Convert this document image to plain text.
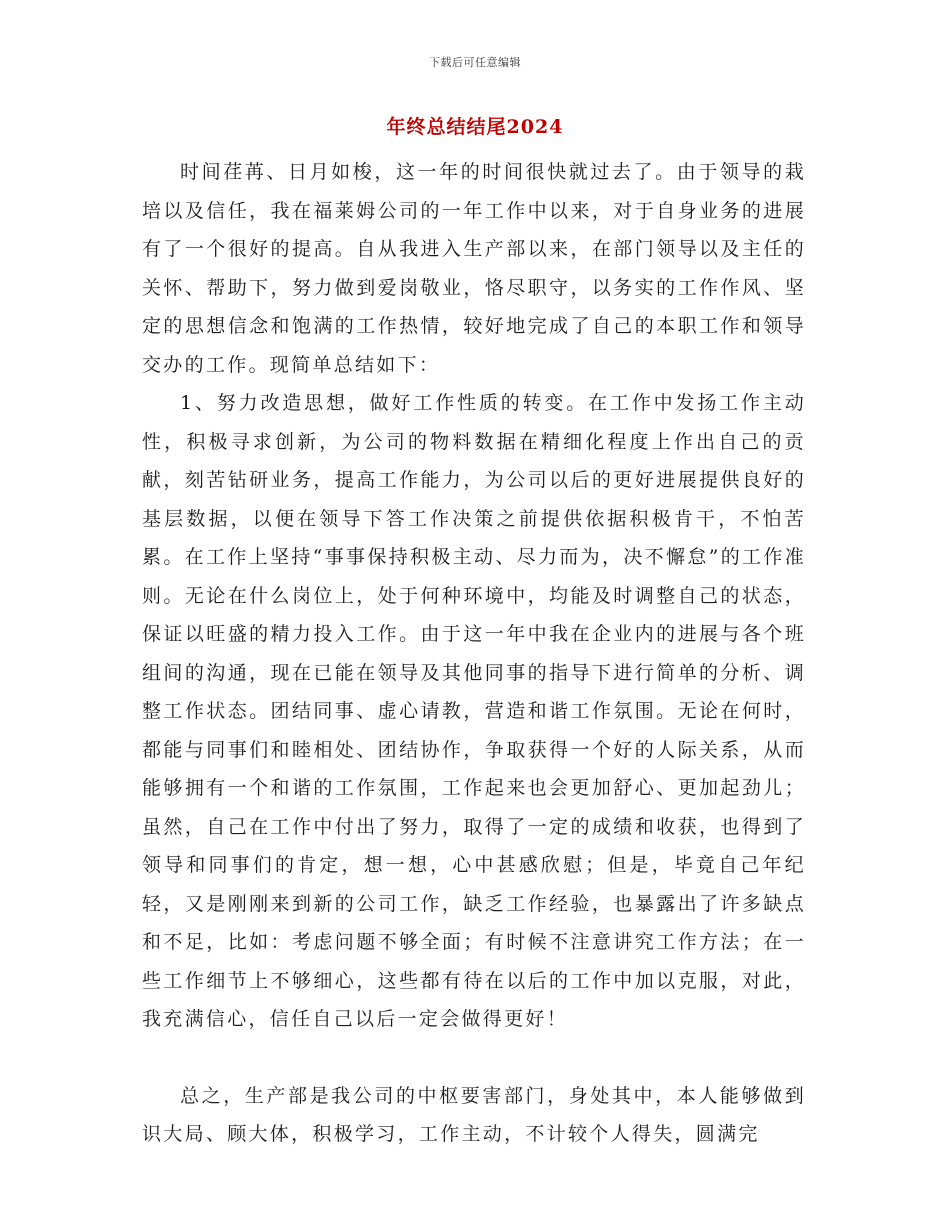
下载后可任意编辑
年终总结结尾2024

时间荏苒、日月如梭，这一年的时间很快就过去了。由于领导的栽培以及信任，我在福莱姆公司的一年工作中以来，对于自身业务的进展有了一个很好的提高。自从我进入生产部以来，在部门领导以及主任的关怀、帮助下，努力做到爱岗敬业，恪尽职守，以务实的工作作风、坚定的思想信念和饱满的工作热情，较好地完成了自己的本职工作和领导交办的工作。现简单总结如下：

1、努力改造思想，做好工作性质的转变。在工作中发扬工作主动性，积极寻求创新，为公司的物料数据在精细化程度上作出自己的贡献，刻苦钻研业务，提高工作能力，为公司以后的更好进展提供良好的基层数据，以便在领导下答工作决策之前提供依据积极肯干，不怕苦累。在工作上坚持“事事保持积极主动、尽力而为，决不懈怠”的工作准则。无论在什么岗位上，处于何种环境中，均能及时调整自己的状态，保证以旺盛的精力投入工作。由于这一年中我在企业内的进展与各个班组间的沟通，现在已能在领导及其他同事的指导下进行简单的分析、调整工作状态。团结同事、虚心请教，营造和谐工作氛围。无论在何时，都能与同事们和睦相处、团结协作，争取获得一个好的人际关系，从而能够拥有一个和谐的工作氛围，工作起来也会更加舒心、更加起劲儿；虽然，自己在工作中付出了努力，取得了一定的成绩和收获，也得到了领导和同事们的肯定，想一想，心中甚感欣慰；但是，毕竟自己年纪轻，又是刚刚来到新的公司工作，缺乏工作经验，也暴露出了许多缺点和不足，比如：考虑问题不够全面；有时候不注意讲究工作方法；在一些工作细节上不够细心，这些都有待在以后的工作中加以克服，对此，我充满信心，信任自己以后一定会做得更好！

总之，生产部是我公司的中枢要害部门，身处其中，本人能够做到识大局、顾大体，积极学习，工作主动，不计较个人得失，圆满完
